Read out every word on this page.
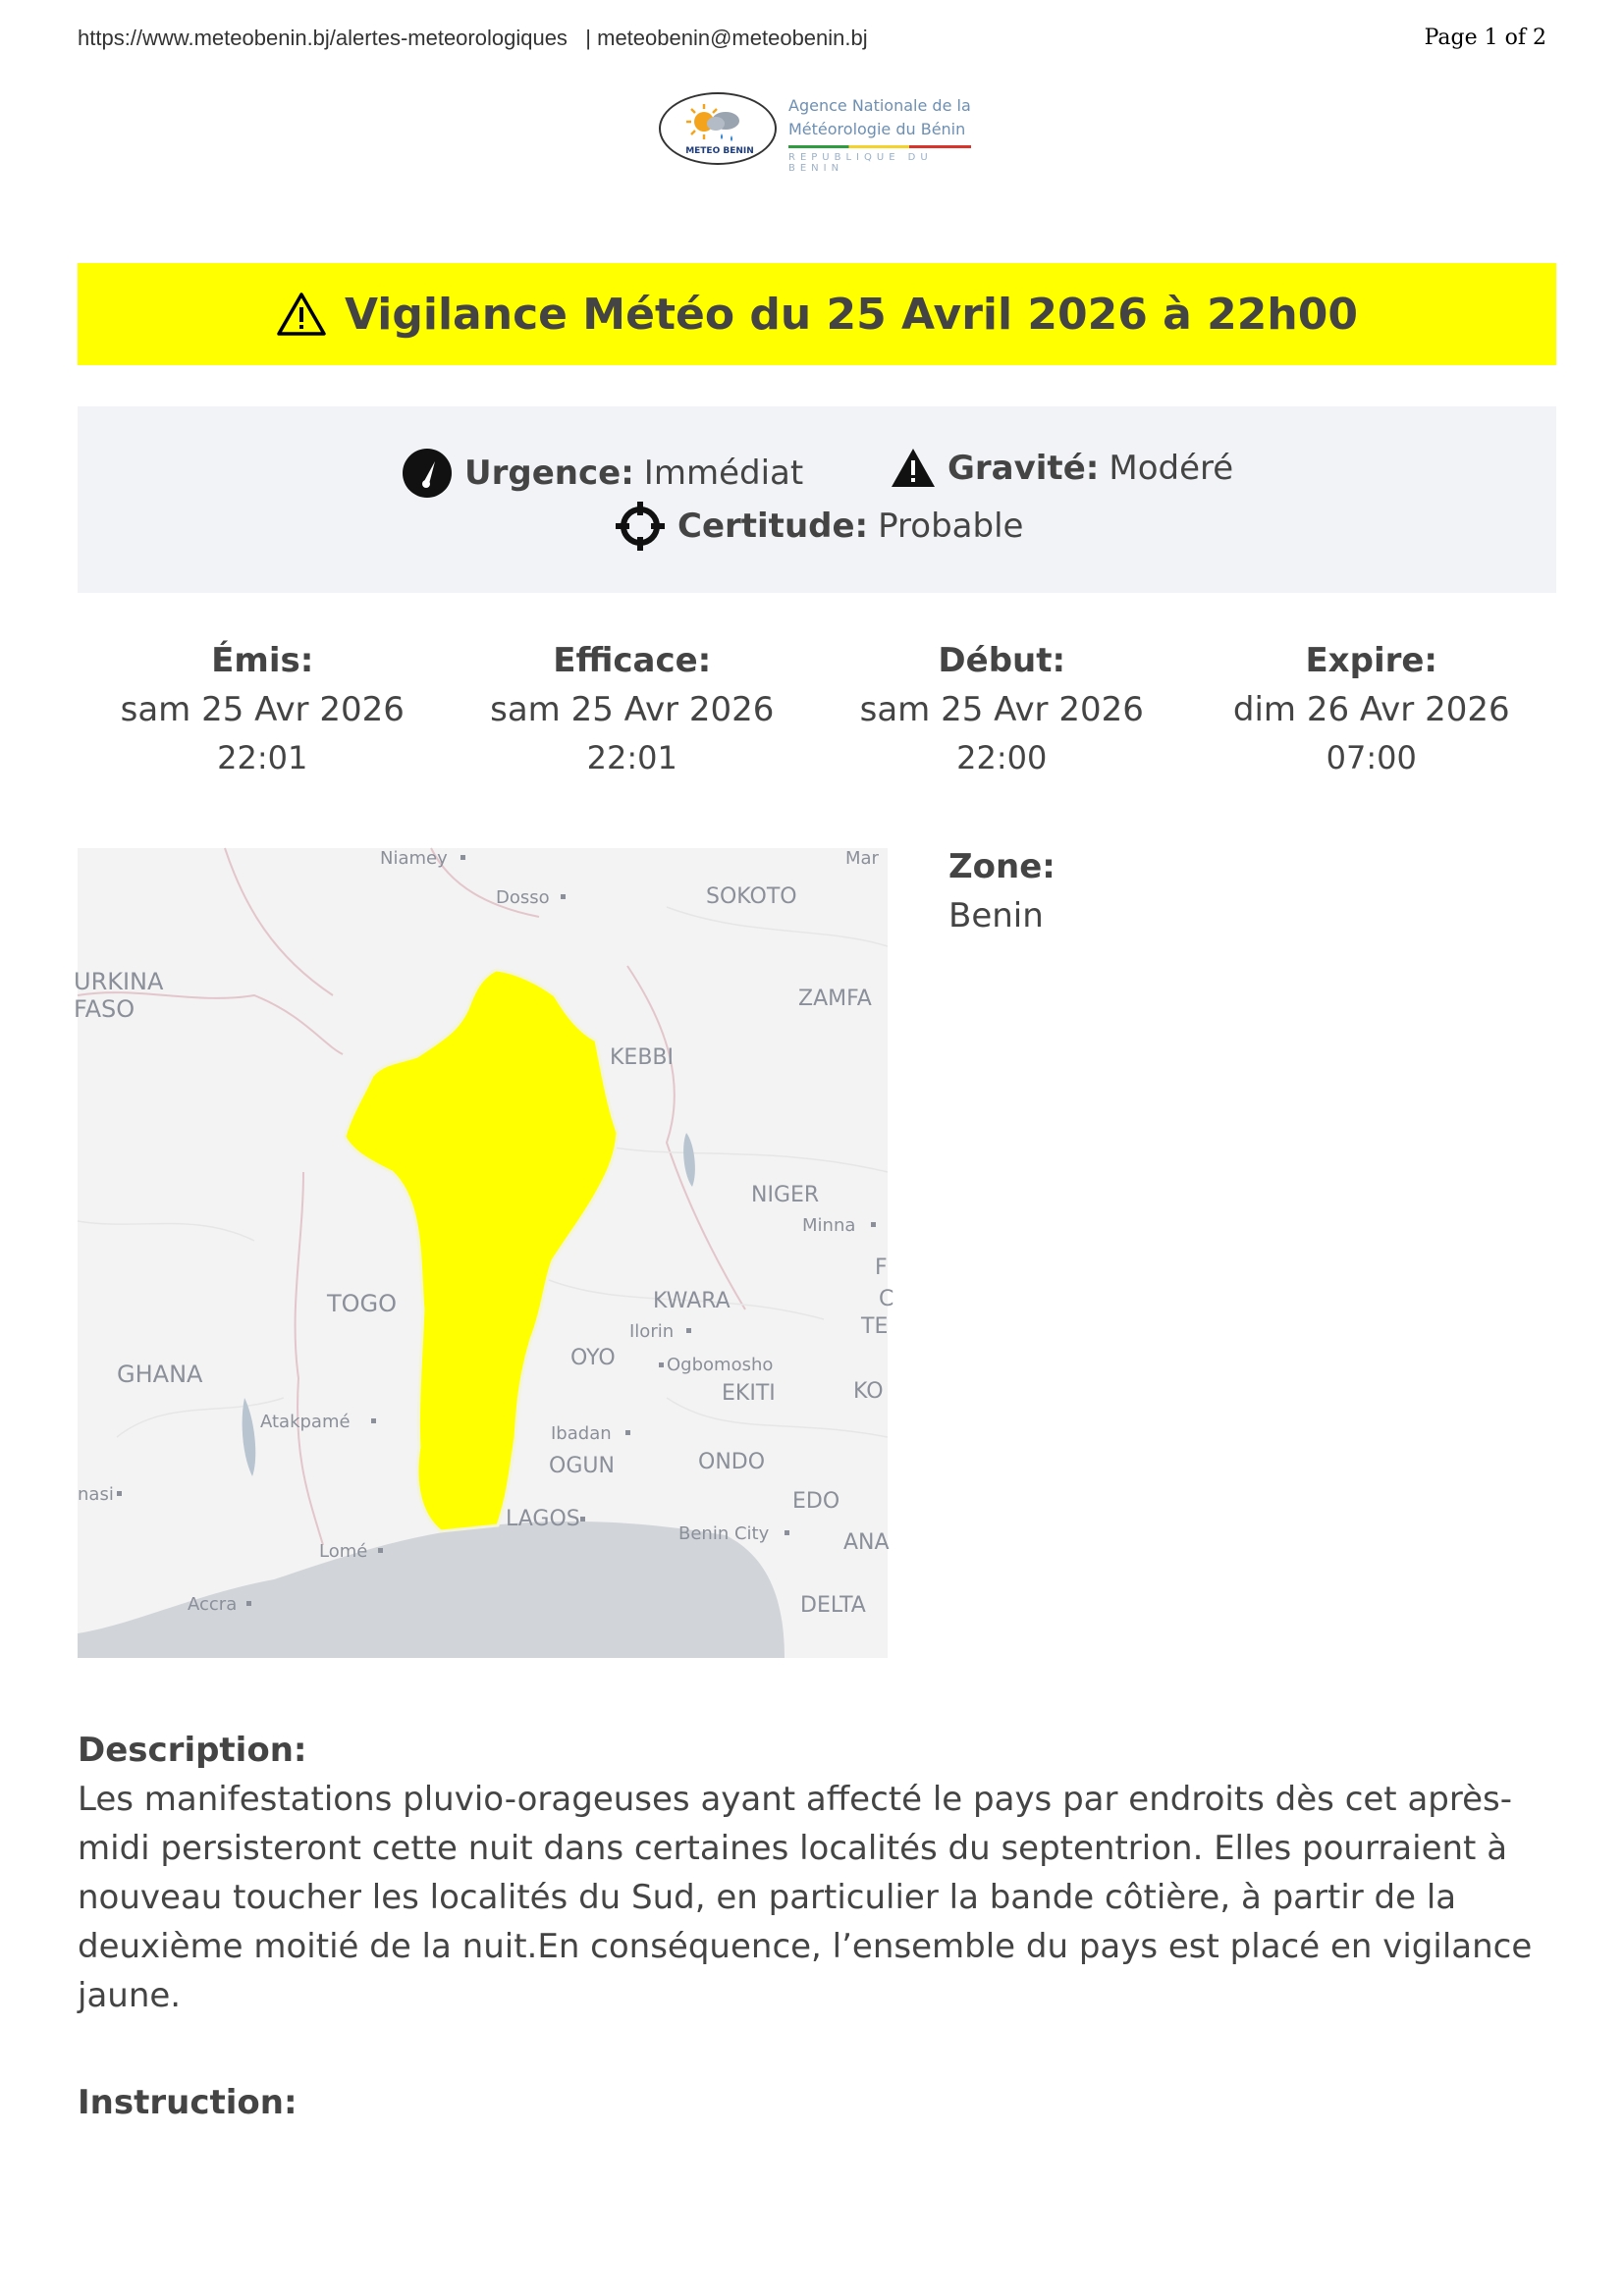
https://www.meteobenin.bj/alertes-meteorologiques   | meteobenin@meteobenin.bj	Page 1 of 2
METEO BENIN
Agence Nationale de la
Météorologie du Bénin
REPUBLIQUE DU BENIN
Vigilance Météo du 25 Avril 2026 à 22h00
Urgence: Immédiat	Gravité: Modéré
Certitude: Probable
Émis:
sam 25 Avr 2026
22:01
Efficace:
sam 25 Avr 2026
22:01
Début:
sam 25 Avr 2026
22:00
Expire:
dim 26 Avr 2026
07:00
Niamey
Dosso	SOKOTO
Mar
URKINA
FASO	ZAMFA
KEBBI
NIGER
Minna
TOGO	KWARA
Ilorin
OYO	Ogbomosho
GHANA
EKITI
Atakpamé
Ibadan
OGUN	ONDO
EDO
LAGOS
Benin City
Lomé
Accra	DELTA
nasi
ANA
KO
F
C
TE
Zone:
Benin
Description:
Les manifestations pluvio-orageuses ayant affecté le pays par endroits dès cet après-midi persisteront cette nuit dans certaines localités du septentrion. Elles pourraient à nouveau toucher les localités du Sud, en particulier la bande côtière, à partir de la deuxième moitié de la nuit.En conséquence, l’ensemble du pays est placé en vigilance jaune.
Instruction:
